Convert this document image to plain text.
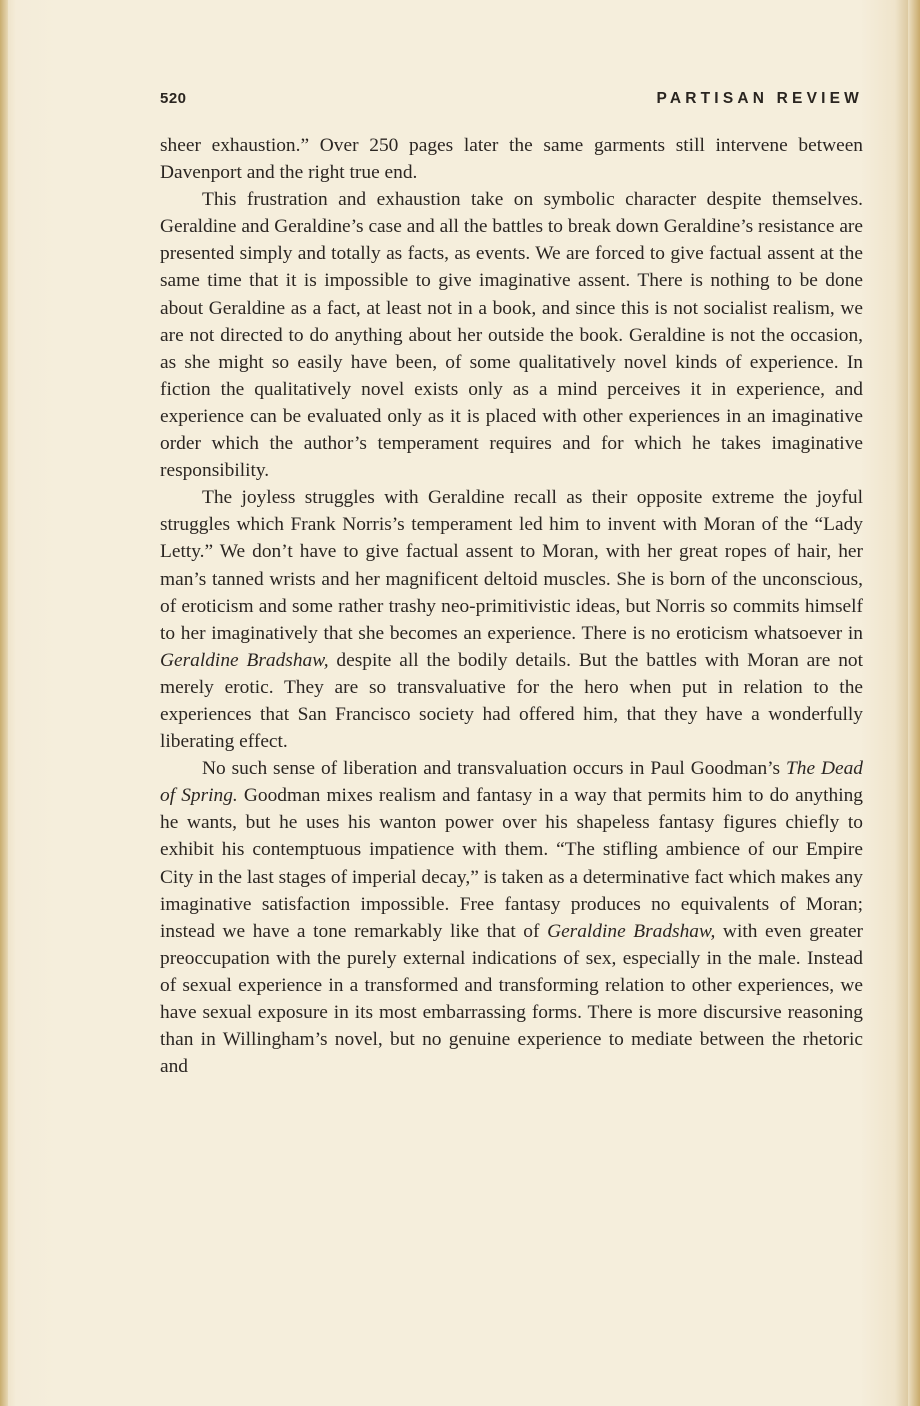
520	PARTISAN REVIEW

sheer exhaustion.” Over 250 pages later the same garments still intervene between Davenport and the right true end.

This frustration and exhaustion take on symbolic character despite themselves. Geraldine and Geraldine’s case and all the battles to break down Geraldine’s resistance are presented simply and totally as facts, as events. We are forced to give factual assent at the same time that it is impossible to give imaginative assent. There is nothing to be done about Geraldine as a fact, at least not in a book, and since this is not socialist realism, we are not directed to do anything about her outside the book. Geraldine is not the occasion, as she might so easily have been, of some qualitatively novel kinds of experience. In fiction the qualitatively novel exists only as a mind perceives it in experience, and experience can be evaluated only as it is placed with other experiences in an imaginative order which the author’s temperament requires and for which he takes imaginative responsibility.

The joyless struggles with Geraldine recall as their opposite extreme the joyful struggles which Frank Norris’s temperament led him to invent with Moran of the “Lady Letty.” We don’t have to give factual assent to Moran, with her great ropes of hair, her man’s tanned wrists and her magnificent deltoid muscles. She is born of the unconscious, of eroticism and some rather trashy neo-primitivistic ideas, but Norris so commits himself to her imaginatively that she becomes an experience. There is no eroticism whatsoever in Geraldine Bradshaw, despite all the bodily details. But the battles with Moran are not merely erotic. They are so transvaluative for the hero when put in relation to the experiences that San Francisco society had offered him, that they have a wonderfully liberating effect.

No such sense of liberation and transvaluation occurs in Paul Goodman’s The Dead of Spring. Goodman mixes realism and fantasy in a way that permits him to do anything he wants, but he uses his wanton power over his shapeless fantasy figures chiefly to exhibit his contemptuous impatience with them. “The stifling ambience of our Empire City in the last stages of imperial decay,” is taken as a determinative fact which makes any imaginative satisfaction impossible. Free fantasy produces no equivalents of Moran; instead we have a tone remarkably like that of Geraldine Bradshaw, with even greater preoccupation with the purely external indications of sex, especially in the male. Instead of sexual experience in a transformed and transforming relation to other experiences, we have sexual exposure in its most embarrassing forms. There is more discursive reasoning than in Willingham’s novel, but no genuine experience to mediate between the rhetoric and
